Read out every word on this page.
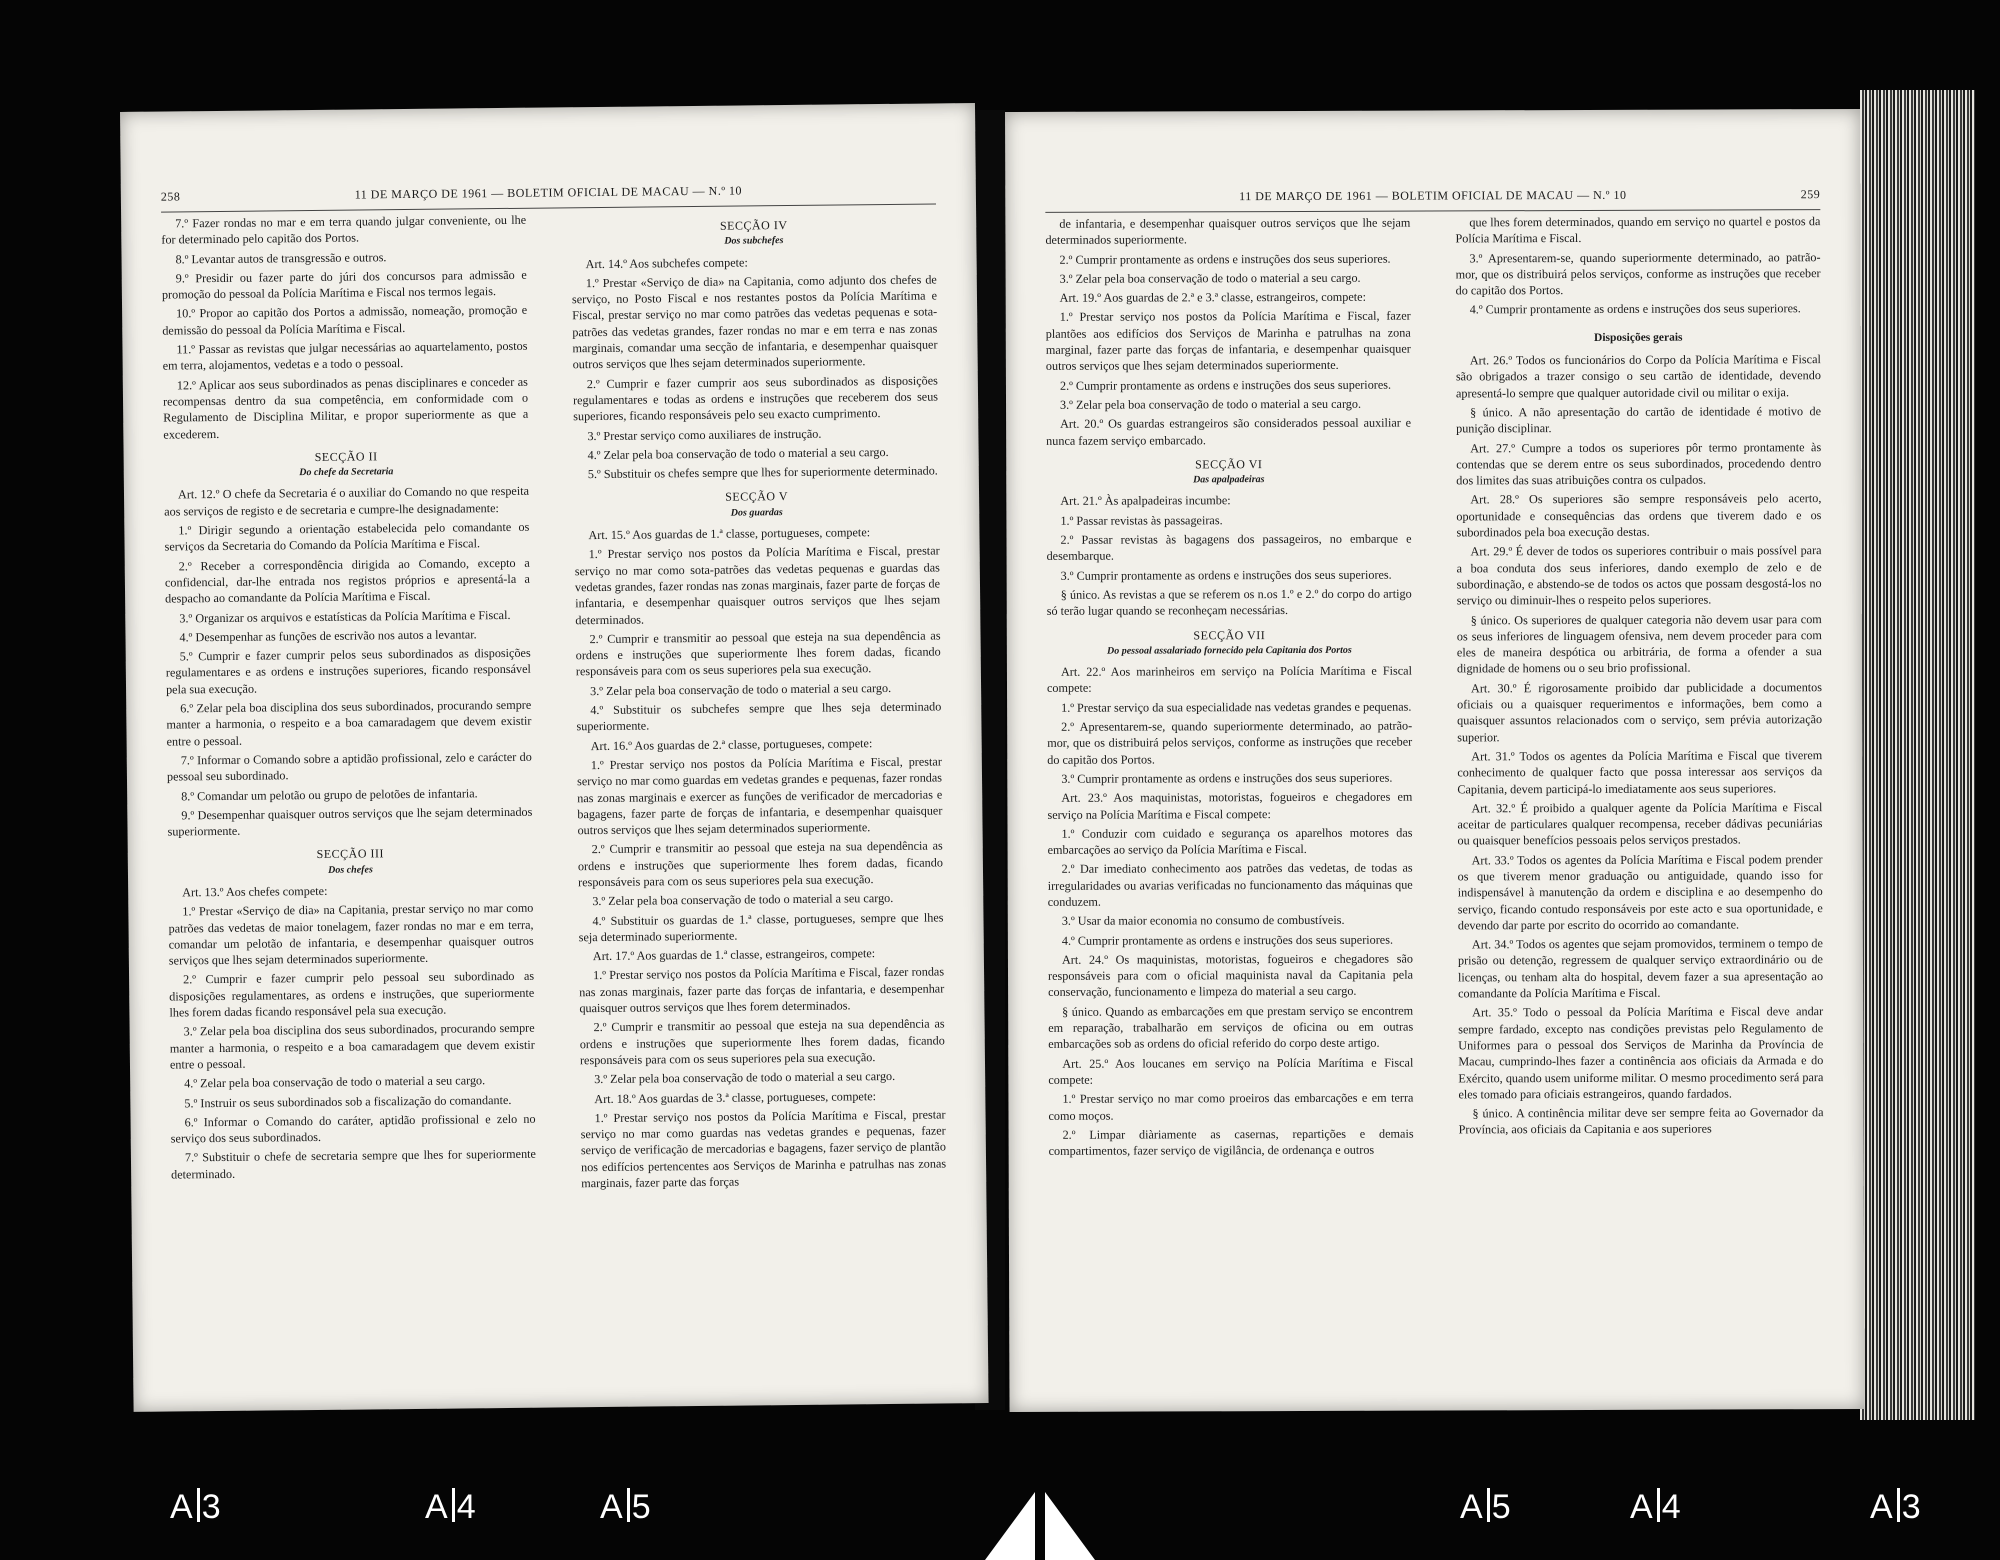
258	11 DE MARÇO DE 1961 — BOLETIM OFICIAL DE MACAU — N.º 10

7.º Fazer rondas no mar e em terra quando julgar conveniente, ou lhe for determinado pelo capitão dos Portos.

8.º Levantar autos de transgressão e outros.

9.º Presidir ou fazer parte do júri dos concursos para admissão e promoção do pessoal da Polícia Marítima e Fiscal nos termos legais.

10.º Propor ao capitão dos Portos a admissão, nomeação, promoção e demissão do pessoal da Polícia Marítima e Fiscal.

11.º Passar as revistas que julgar necessárias ao aquartelamento, postos em terra, alojamentos, vedetas e a todo o pessoal.

12.º Aplicar aos seus subordinados as penas disciplinares e conceder as recompensas dentro da sua competência, em conformidade com o Regulamento de Disciplina Militar, e propor superiormente as que a excederem.

SECÇÃO II

Do chefe da Secretaria

Art. 12.º O chefe da Secretaria é o auxiliar do Comando no que respeita aos serviços de registo e de secretaria e cumpre-lhe designadamente:

1.º Dirigir segundo a orientação estabelecida pelo comandante os serviços da Secretaria do Comando da Polícia Marítima e Fiscal.

2.º Receber a correspondência dirigida ao Comando, excepto a confidencial, dar-lhe entrada nos registos próprios e apresentá-la a despacho ao comandante da Polícia Marítima e Fiscal.

3.º Organizar os arquivos e estatísticas da Polícia Marítima e Fiscal.

4.º Desempenhar as funções de escrivão nos autos a levantar.

5.º Cumprir e fazer cumprir pelos seus subordinados as disposições regulamentares e as ordens e instruções superiores, ficando responsável pela sua execução.

6.º Zelar pela boa disciplina dos seus subordinados, procurando sempre manter a harmonia, o respeito e a boa camaradagem que devem existir entre o pessoal.

7.º Informar o Comando sobre a aptidão profissional, zelo e carácter do pessoal seu subordinado.

8.º Comandar um pelotão ou grupo de pelotões de infantaria.

9.º Desempenhar quaisquer outros serviços que lhe sejam determinados superiormente.

SECÇÃO III

Dos chefes

Art. 13.º Aos chefes compete:

1.º Prestar «Serviço de dia» na Capitania, prestar serviço no mar como patrões das vedetas de maior tonelagem, fazer rondas no mar e em terra, comandar um pelotão de infantaria, e desempenhar quaisquer outros serviços que lhes sejam determinados superiormente.

2.º Cumprir e fazer cumprir pelo pessoal seu subordinado as disposições regulamentares, as ordens e instruções, que superiormente lhes forem dadas ficando responsável pela sua execução.

3.º Zelar pela boa disciplina dos seus subordinados, procurando sempre manter a harmonia, o respeito e a boa camaradagem que devem existir entre o pessoal.

4.º Zelar pela boa conservação de todo o material a seu cargo.

5.º Instruir os seus subordinados sob a fiscalização do comandante.

6.º Informar o Comando do caráter, aptidão profissional e zelo no serviço dos seus subordinados.

7.º Substituir o chefe de secretaria sempre que lhes for superiormente determinado.

SECÇÃO IV

Dos subchefes

Art. 14.º Aos subchefes compete:

1.º Prestar «Serviço de dia» na Capitania, como adjunto dos chefes de serviço, no Posto Fiscal e nos restantes postos da Polícia Marítima e Fiscal, prestar serviço no mar como patrões das vedetas pequenas e sota-patrões das vedetas grandes, fazer rondas no mar e em terra e nas zonas marginais, comandar uma secção de infantaria, e desempenhar quaisquer outros serviços que lhes sejam determinados superiormente.

2.º Cumprir e fazer cumprir aos seus subordinados as disposições regulamentares e todas as ordens e instruções que receberem dos seus superiores, ficando responsáveis pelo seu exacto cumprimento.

3.º Prestar serviço como auxiliares de instrução.

4.º Zelar pela boa conservação de todo o material a seu cargo.

5.º Substituir os chefes sempre que lhes for superiormente determinado.

SECÇÃO V

Dos guardas

Art. 15.º Aos guardas de 1.ª classe, portugueses, compete:

1.º Prestar serviço nos postos da Polícia Marítima e Fiscal, prestar serviço no mar como sota-patrões das vedetas pequenas e guardas das vedetas grandes, fazer rondas nas zonas marginais, fazer parte de forças de infantaria, e desempenhar quaisquer outros serviços que lhes sejam determinados.

2.º Cumprir e transmitir ao pessoal que esteja na sua dependência as ordens e instruções que superiormente lhes forem dadas, ficando responsáveis para com os seus superiores pela sua execução.

3.º Zelar pela boa conservação de todo o material a seu cargo.

4.º Substituir os subchefes sempre que lhes seja determinado superiormente.

Art. 16.º Aos guardas de 2.ª classe, portugueses, compete:

1.º Prestar serviço nos postos da Polícia Marítima e Fiscal, prestar serviço no mar como guardas em vedetas grandes e pequenas, fazer rondas nas zonas marginais e exercer as funções de verificador de mercadorias e bagagens, fazer parte de forças de infantaria, e desempenhar quaisquer outros serviços que lhes sejam determinados superiormente.

2.º Cumprir e transmitir ao pessoal que esteja na sua dependência as ordens e instruções que superiormente lhes forem dadas, ficando responsáveis para com os seus superiores pela sua execução.

3.º Zelar pela boa conservação de todo o material a seu cargo.

4.º Substituir os guardas de 1.ª classe, portugueses, sempre que lhes seja determinado superiormente.

Art. 17.º Aos guardas de 1.ª classe, estrangeiros, compete:

1.º Prestar serviço nos postos da Polícia Marítima e Fiscal, fazer rondas nas zonas marginais, fazer parte das forças de infantaria, e desempenhar quaisquer outros serviços que lhes forem determinados.

2.º Cumprir e transmitir ao pessoal que esteja na sua dependência as ordens e instruções que superiormente lhes forem dadas, ficando responsáveis para com os seus superiores pela sua execução.

3.º Zelar pela boa conservação de todo o material a seu cargo.

Art. 18.º Aos guardas de 3.ª classe, portugueses, compete:

1.º Prestar serviço nos postos da Polícia Marítima e Fiscal, prestar serviço no mar como guardas nas vedetas grandes e pequenas, fazer serviço de verificação de mercadorias e bagagens, fazer serviço de plantão nos edifícios pertencentes aos Serviços de Marinha e patrulhas nas zonas marginais, fazer parte das forças

11 DE MARÇO DE 1961 — BOLETIM OFICIAL DE MACAU — N.º 10	259

de infantaria, e desempenhar quaisquer outros serviços que lhe sejam determinados superiormente.

2.º Cumprir prontamente as ordens e instruções dos seus superiores.

3.º Zelar pela boa conservação de todo o material a seu cargo.

Art. 19.º Aos guardas de 2.ª e 3.ª classe, estrangeiros, compete:

1.º Prestar serviço nos postos da Polícia Marítima e Fiscal, fazer plantões aos edifícios dos Serviços de Marinha e patrulhas na zona marginal, fazer parte das forças de infantaria, e desempenhar quaisquer outros serviços que lhes sejam determinados superiormente.

2.º Cumprir prontamente as ordens e instruções dos seus superiores.

3.º Zelar pela boa conservação de todo o material a seu cargo.

Art. 20.º Os guardas estrangeiros são considerados pessoal auxiliar e nunca fazem serviço embarcado.

SECÇÃO VI

Das apalpadeiras

Art. 21.º Às apalpadeiras incumbe:

1.º Passar revistas às passageiras.

2.º Passar revistas às bagagens dos passageiros, no embarque e desembarque.

3.º Cumprir prontamente as ordens e instruções dos seus superiores.

§ único. As revistas a que se referem os n.os 1.º e 2.º do corpo do artigo só terão lugar quando se reconheçam necessárias.

SECÇÃO VII

Do pessoal assalariado fornecido pela Capitania dos Portos

Art. 22.º Aos marinheiros em serviço na Polícia Marítima e Fiscal compete:

1.º Prestar serviço da sua especialidade nas vedetas grandes e pequenas.

2.º Apresentarem-se, quando superiormente determinado, ao patrão-mor, que os distribuirá pelos serviços, conforme as instruções que receber do capitão dos Portos.

3.º Cumprir prontamente as ordens e instruções dos seus superiores.

Art. 23.º Aos maquinistas, motoristas, fogueiros e chegadores em serviço na Polícia Marítima e Fiscal compete:

1.º Conduzir com cuidado e segurança os aparelhos motores das embarcações ao serviço da Polícia Marítima e Fiscal.

2.º Dar imediato conhecimento aos patrões das vedetas, de todas as irregularidades ou avarias verificadas no funcionamento das máquinas que conduzem.

3.º Usar da maior economia no consumo de combustíveis.

4.º Cumprir prontamente as ordens e instruções dos seus superiores.

Art. 24.º Os maquinistas, motoristas, fogueiros e chegadores são responsáveis para com o oficial maquinista naval da Capitania pela conservação, funcionamento e limpeza do material a seu cargo.

§ único. Quando as embarcações em que prestam serviço se encontrem em reparação, trabalharão em serviços de oficina ou em outras embarcações sob as ordens do oficial referido do corpo deste artigo.

Art. 25.º Aos loucanes em serviço na Polícia Marítima e Fiscal compete:

1.º Prestar serviço no mar como proeiros das embarcações e em terra como moços.

2.º Limpar diàriamente as casernas, repartições e demais compartimentos, fazer serviço de vigilância, de ordenança e outros

que lhes forem determinados, quando em serviço no quartel e postos da Polícia Marítima e Fiscal.

3.º Apresentarem-se, quando superiormente determinado, ao patrão-mor, que os distribuirá pelos serviços, conforme as instruções que receber do capitão dos Portos.

4.º Cumprir prontamente as ordens e instruções dos seus superiores.

Disposições gerais

Art. 26.º Todos os funcionários do Corpo da Polícia Marítima e Fiscal são obrigados a trazer consigo o seu cartão de identidade, devendo apresentá-lo sempre que qualquer autoridade civil ou militar o exija.

§ único. A não apresentação do cartão de identidade é motivo de punição disciplinar.

Art. 27.º Cumpre a todos os superiores pôr termo prontamente às contendas que se derem entre os seus subordinados, procedendo dentro dos limites das suas atribuições contra os culpados.

Art. 28.º Os superiores são sempre responsáveis pelo acerto, oportunidade e consequências das ordens que tiverem dado e os subordinados pela boa execução destas.

Art. 29.º É dever de todos os superiores contribuir o mais possível para a boa conduta dos seus inferiores, dando exemplo de zelo e de subordinação, e abstendo-se de todos os actos que possam desgostá-los no serviço ou diminuir-lhes o respeito pelos superiores.

§ único. Os superiores de qualquer categoria não devem usar para com os seus inferiores de linguagem ofensiva, nem devem proceder para com eles de maneira despótica ou arbitrária, de forma a ofender a sua dignidade de homens ou o seu brio profissional.

Art. 30.º É rigorosamente proibido dar publicidade a documentos oficiais ou a quaisquer requerimentos e informações, bem como a quaisquer assuntos relacionados com o serviço, sem prévia autorização superior.

Art. 31.º Todos os agentes da Polícia Marítima e Fiscal que tiverem conhecimento de qualquer facto que possa interessar aos serviços da Capitania, devem participá-lo imediatamente aos seus superiores.

Art. 32.º É proibido a qualquer agente da Polícia Marítima e Fiscal aceitar de particulares qualquer recompensa, receber dádivas pecuniárias ou quaisquer benefícios pessoais pelos serviços prestados.

Art. 33.º Todos os agentes da Polícia Marítima e Fiscal podem prender os que tiverem menor graduação ou antiguidade, quando isso for indispensável à manutenção da ordem e disciplina e ao desempenho do serviço, ficando contudo responsáveis por este acto e sua oportunidade, e devendo dar parte por escrito do ocorrido ao comandante.

Art. 34.º Todos os agentes que sejam promovidos, terminem o tempo de prisão ou detenção, regressem de qualquer serviço extraordinário ou de licenças, ou tenham alta do hospital, devem fazer a sua apresentação ao comandante da Polícia Marítima e Fiscal.

Art. 35.º Todo o pessoal da Polícia Marítima e Fiscal deve andar sempre fardado, excepto nas condições previstas pelo Regulamento de Uniformes para o pessoal dos Serviços de Marinha da Província de Macau, cumprindo-lhes fazer a continência aos oficiais da Armada e do Exército, quando usem uniforme militar. O mesmo procedimento será para eles tomado para oficiais estrangeiros, quando fardados.

§ único. A continência militar deve ser sempre feita ao Governador da Província, aos oficiais da Capitania e aos superiores

A 3	A 4	A 5	A 5	A 4	A 3
